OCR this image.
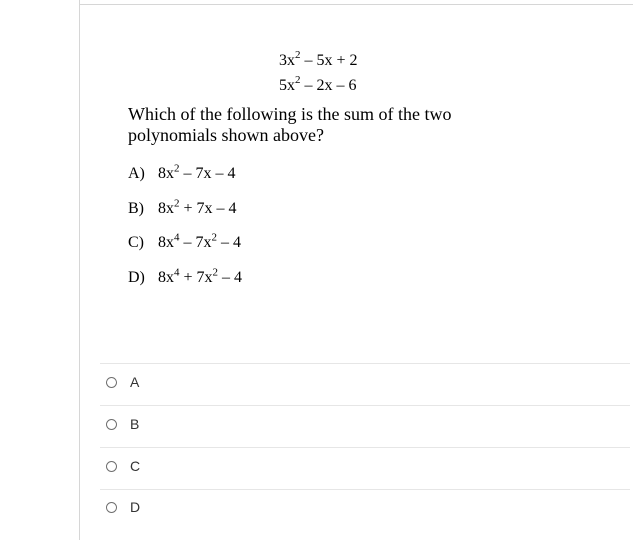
$3x^2 - 5x + 2$
$5x^2 - 2x - 6$
Which of the following is the sum of the two polynomials shown above?
A) $8x^2 - 7x - 4$
B) $8x^2 + 7x - 4$
C) $8x^4 - 7x^2 - 4$
D) $8x^4 + 7x^2 - 4$
A
B
C
D
